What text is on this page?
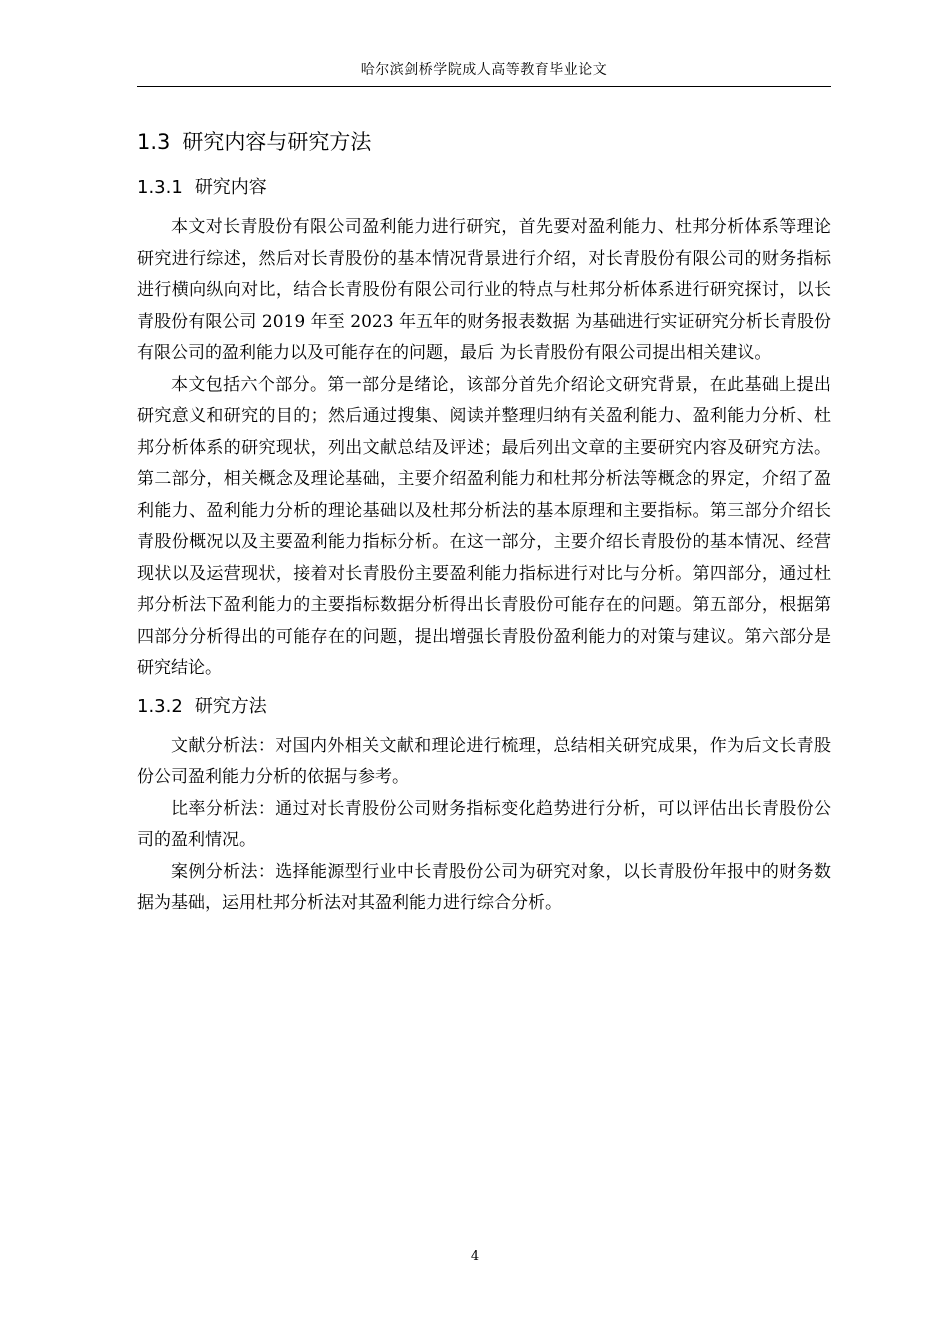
哈尔滨剑桥学院成人高等教育毕业论文
1.3 研究内容与研究方法
1.3.1 研究内容

本文对长青股份有限公司盈利能力进行研究，首先要对盈利能力、杜邦分析体系等理论研究进行综述，然后对长青股份的基本情况背景进行介绍，对长青股份有限公司的财务指标进行横向纵向对比，结合长青股份有限公司行业的特点与杜邦分析体系进行研究探讨，以长青股份有限公司 2019 年至 2023 年五年的财务报表数据 为基础进行实证研究分析长青股份有限公司的盈利能力以及可能存在的问题，最后 为长青股份有限公司提出相关建议。

本文包括六个部分。第一部分是绪论，该部分首先介绍论文研究背景，在此基础上提出研究意义和研究的目的；然后通过搜集、阅读并整理归纳有关盈利能力、盈利能力分析、杜邦分析体系的研究现状，列出文献总结及评述；最后列出文章的主要研究内容及研究方法。第二部分，相关概念及理论基础，主要介绍盈利能力和杜邦分析法等概念的界定，介绍了盈利能力、盈利能力分析的理论基础以及杜邦分析法的基本原理和主要指标。第三部分介绍长青股份概况以及主要盈利能力指标分析。在这一部分，主要介绍长青股份的基本情况、经营现状以及运营现状，接着对长青股份主要盈利能力指标进行对比与分析。第四部分，通过杜邦分析法下盈利能力的主要指标数据分析得出长青股份可能存在的问题。第五部分，根据第四部分分析得出的可能存在的问题，提出增强长青股份盈利能力的对策与建议。第六部分是研究结论。

1.3.2 研究方法

文献分析法：对国内外相关文献和理论进行梳理，总结相关研究成果，作为后文长青股份公司盈利能力分析的依据与参考。

比率分析法：通过对长青股份公司财务指标变化趋势进行分析，可以评估出长青股份公司的盈利情况。

案例分析法：选择能源型行业中长青股份公司为研究对象，以长青股份年报中的财务数据为基础，运用杜邦分析法对其盈利能力进行综合分析。

4
